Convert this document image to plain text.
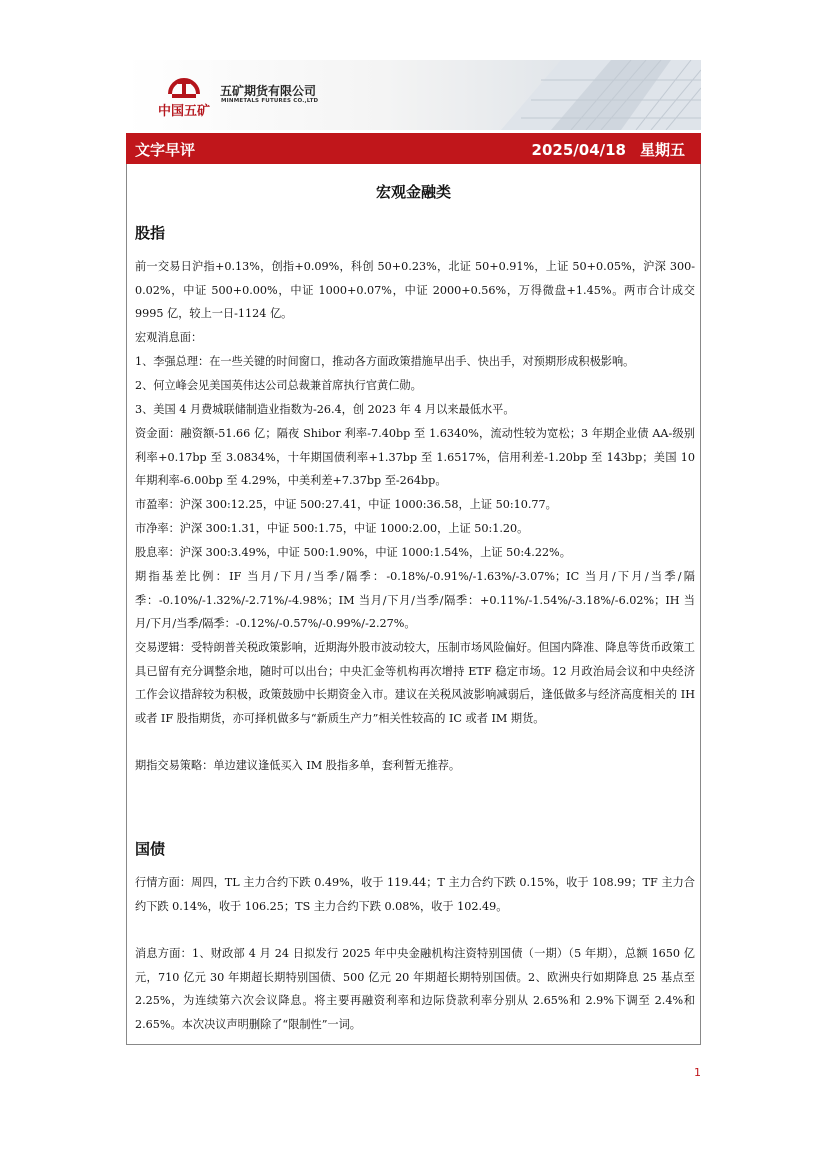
中国五矿
五矿期货有限公司
MINMETALS FUTURES CO.,LTD
文字早评	2025/04/18 星期五
宏观金融类
股指

前一交易日沪指+0.13%，创指+0.09%，科创 50+0.23%，北证 50+0.91%，上证 50+0.05%，沪深 300-0.02%，中证 500+0.00%，中证 1000+0.07%，中证 2000+0.56%，万得微盘+1.45%。两市合计成交 9995 亿，较上一日-1124 亿。

宏观消息面：

1、李强总理：在一些关键的时间窗口，推动各方面政策措施早出手、快出手，对预期形成积极影响。

2、何立峰会见美国英伟达公司总裁兼首席执行官黄仁勋。

3、美国 4 月费城联储制造业指数为-26.4，创 2023 年 4 月以来最低水平。

资金面：融资额-51.66 亿；隔夜 Shibor 利率-7.40bp 至 1.6340%，流动性较为宽松；3 年期企业债 AA-级别利率+0.17bp 至 3.0834%，十年期国债利率+1.37bp 至 1.6517%，信用利差-1.20bp 至 143bp；美国 10 年期利率-6.00bp 至 4.29%，中美利差+7.37bp 至-264bp。

市盈率：沪深 300:12.25，中证 500:27.41，中证 1000:36.58，上证 50:10.77。

市净率：沪深 300:1.31，中证 500:1.75，中证 1000:2.00，上证 50:1.20。

股息率：沪深 300:3.49%，中证 500:1.90%，中证 1000:1.54%，上证 50:4.22%。

期指基差比例：IF 当月/下月/当季/隔季：-0.18%/-0.91%/-1.63%/-3.07%；IC 当月/下月/当季/隔季：-0.10%/-1.32%/-2.71%/-4.98%；IM 当月/下月/当季/隔季：+0.11%/-1.54%/-3.18%/-6.02%；IH 当月/下月/当季/隔季：-0.12%/-0.57%/-0.99%/-2.27%。

交易逻辑：受特朗普关税政策影响，近期海外股市波动较大，压制市场风险偏好。但国内降准、降息等货币政策工具已留有充分调整余地，随时可以出台；中央汇金等机构再次增持 ETF 稳定市场。12 月政治局会议和中央经济工作会议措辞较为积极，政策鼓励中长期资金入市。建议在关税风波影响减弱后，逢低做多与经济高度相关的 IH 或者 IF 股指期货，亦可择机做多与“新质生产力”相关性较高的 IC 或者 IM 期货。

期指交易策略：单边建议逢低买入 IM 股指多单，套利暂无推荐。

国债

行情方面：周四，TL 主力合约下跌 0.49%，收于 119.44；T 主力合约下跌 0.15%，收于 108.99；TF 主力合约下跌 0.14%，收于 106.25；TS 主力合约下跌 0.08%，收于 102.49。

消息方面：1、财政部 4 月 24 日拟发行 2025 年中央金融机构注资特别国债（一期）（5 年期），总额 1650 亿元，710 亿元 30 年期超长期特别国债、500 亿元 20 年期超长期特别国债。2、欧洲央行如期降息 25 基点至 2.25%，为连续第六次会议降息。将主要再融资利率和边际贷款利率分别从 2.65%和 2.9%下调至 2.4%和 2.65%。本次决议声明删除了“限制性”一词。

1
